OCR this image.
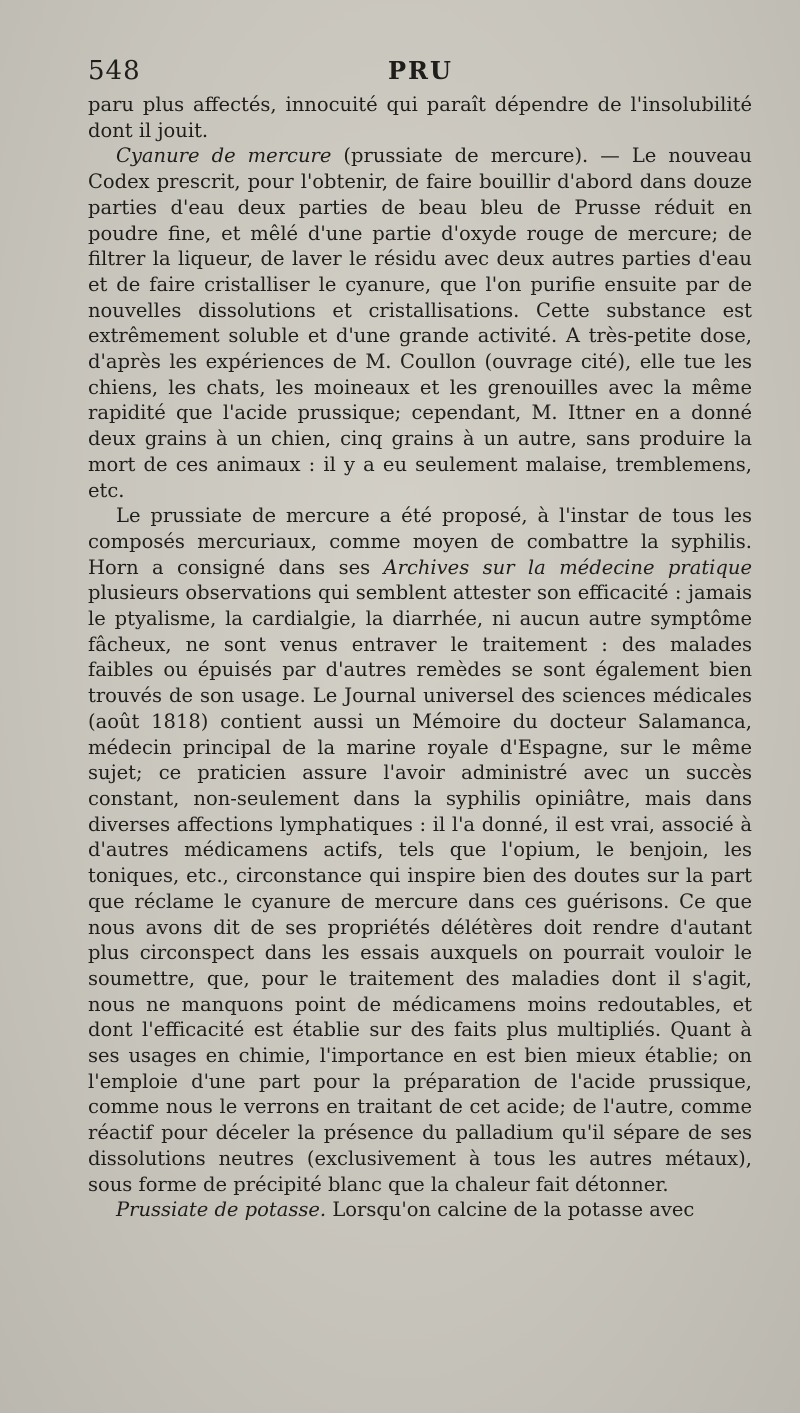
548	PRU

paru plus affectés, innocuité qui paraît dépendre de l'insolubilité dont il jouit.

Cyanure de mercure (prussiate de mercure). — Le nouveau Codex prescrit, pour l'obtenir, de faire bouillir d'abord dans douze parties d'eau deux parties de beau bleu de Prusse réduit en poudre fine, et mêlé d'une partie d'oxyde rouge de mercure; de filtrer la liqueur, de laver le résidu avec deux autres parties d'eau et de faire cristalliser le cyanure, que l'on purifie ensuite par de nouvelles dissolutions et cristallisations. Cette substance est extrêmement soluble et d'une grande activité. A très-petite dose, d'après les expériences de M. Coullon (ouvrage cité), elle tue les chiens, les chats, les moineaux et les grenouilles avec la même rapidité que l'acide prussique; cependant, M. Ittner en a donné deux grains à un chien, cinq grains à un autre, sans produire la mort de ces animaux : il y a eu seulement malaise, tremblemens, etc.

Le prussiate de mercure a été proposé, à l'instar de tous les composés mercuriaux, comme moyen de combattre la syphilis. Horn a consigné dans ses Archives sur la médecine pratique plusieurs observations qui semblent attester son efficacité : jamais le ptyalisme, la cardialgie, la diarrhée, ni aucun autre symptôme fâcheux, ne sont venus entraver le traitement : des malades faibles ou épuisés par d'autres remèdes se sont également bien trouvés de son usage. Le Journal universel des sciences médicales (août 1818) contient aussi un Mémoire du docteur Salamanca, médecin principal de la marine royale d'Espagne, sur le même sujet; ce praticien assure l'avoir administré avec un succès constant, non-seulement dans la syphilis opiniâtre, mais dans diverses affections lymphatiques : il l'a donné, il est vrai, associé à d'autres médicamens actifs, tels que l'opium, le benjoin, les toniques, etc., circonstance qui inspire bien des doutes sur la part que réclame le cyanure de mercure dans ces guérisons. Ce que nous avons dit de ses propriétés délétères doit rendre d'autant plus circonspect dans les essais auxquels on pourrait vouloir le soumettre, que, pour le traitement des maladies dont il s'agit, nous ne manquons point de médicamens moins redoutables, et dont l'efficacité est établie sur des faits plus multipliés. Quant à ses usages en chimie, l'importance en est bien mieux établie; on l'emploie d'une part pour la préparation de l'acide prussique, comme nous le verrons en traitant de cet acide; de l'autre, comme réactif pour déceler la présence du palladium qu'il sépare de ses dissolutions neutres (exclusivement à tous les autres métaux), sous forme de précipité blanc que la chaleur fait détonner.

Prussiate de potasse. Lorsqu'on calcine de la potasse avec
